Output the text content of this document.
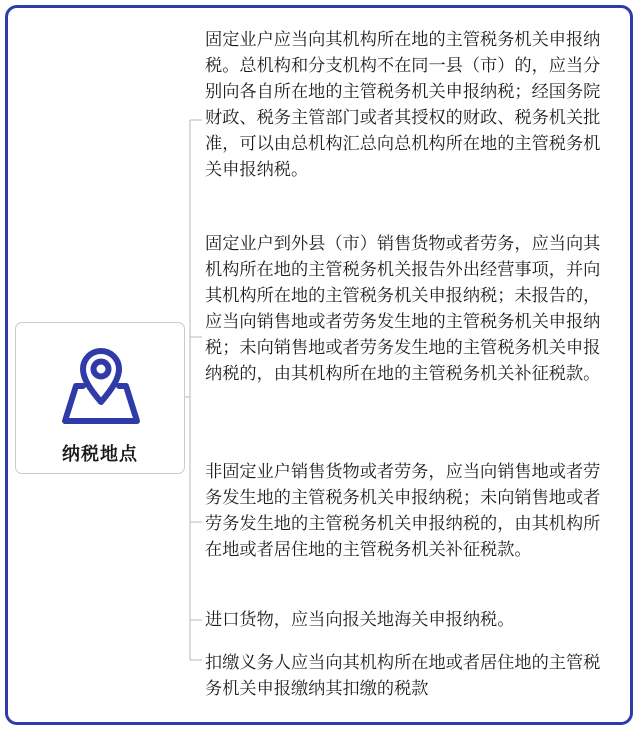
纳税地点

固定业户应当向其机构所在地的主管税务机关申报纳税。总机构和分支机构不在同一县（市）的，应当分别向各自所在地的主管税务机关申报纳税；经国务院财政、税务主管部门或者其授权的财政、税务机关批准，可以由总机构汇总向总机构所在地的主管税务机关申报纳税。

固定业户到外县（市）销售货物或者劳务，应当向其机构所在地的主管税务机关报告外出经营事项，并向其机构所在地的主管税务机关申报纳税；未报告的，应当向销售地或者劳务发生地的主管税务机关申报纳税；未向销售地或者劳务发生地的主管税务机关申报纳税的，由其机构所在地的主管税务机关补征税款。

非固定业户销售货物或者劳务，应当向销售地或者劳务发生地的主管税务机关申报纳税；未向销售地或者劳务发生地的主管税务机关申报纳税的，由其机构所在地或者居住地的主管税务机关补征税款。

进口货物，应当向报关地海关申报纳税。

扣缴义务人应当向其机构所在地或者居住地的主管税务机关申报缴纳其扣缴的税款
